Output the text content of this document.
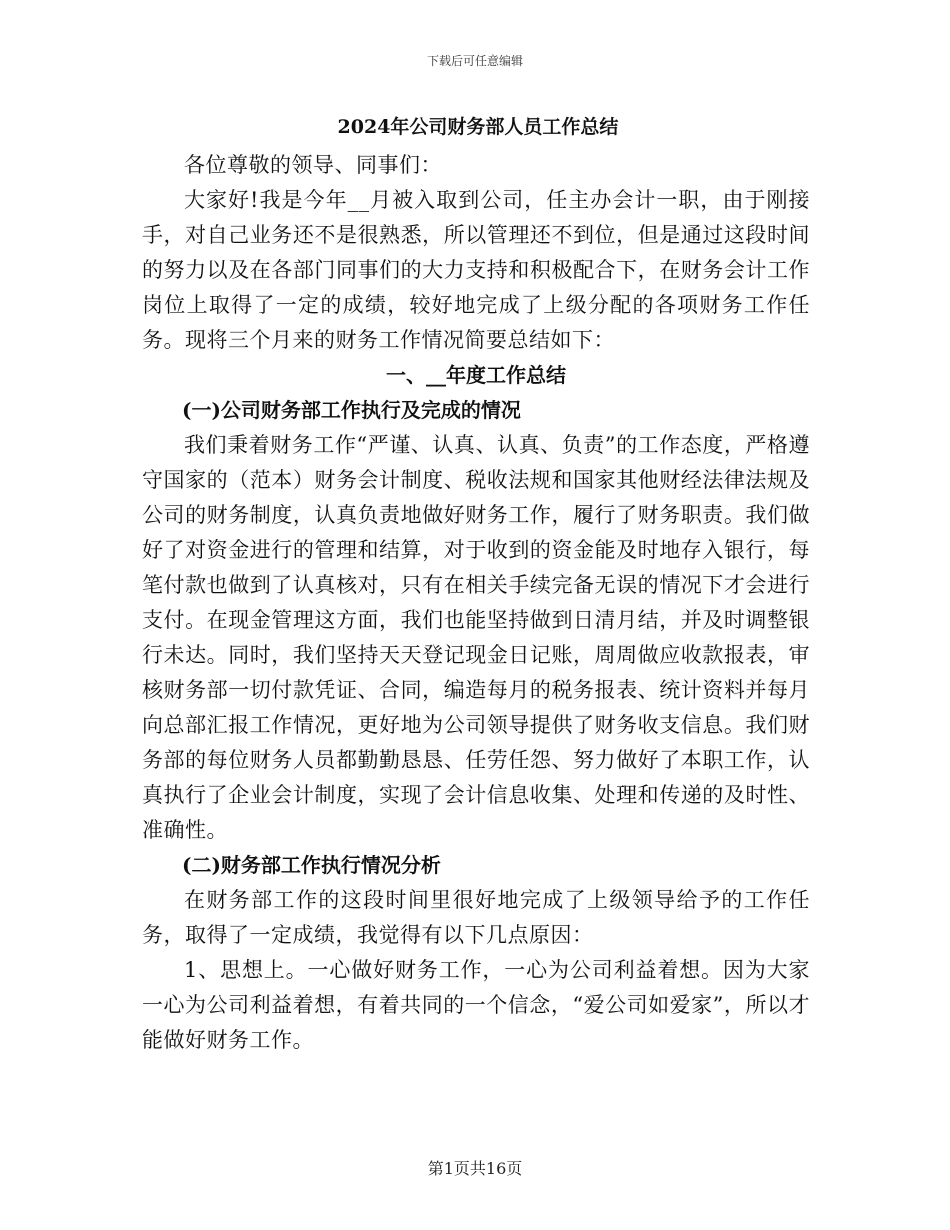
下载后可任意编辑
2024年公司财务部人员工作总结

各位尊敬的领导、同事们：

大家好!我是今年__月被入取到公司，任主办会计一职，由于刚接手，对自己业务还不是很熟悉，所以管理还不到位，但是通过这段时间的努力以及在各部门同事们的大力支持和积极配合下，在财务会计工作岗位上取得了一定的成绩，较好地完成了上级分配的各项财务工作任务。现将三个月来的财务工作情况简要总结如下：

一、__年度工作总结
(一)公司财务部工作执行及完成的情况

我们秉着财务工作“严谨、认真、认真、负责”的工作态度，严格遵守国家的（范本）财务会计制度、税收法规和国家其他财经法律法规及公司的财务制度，认真负责地做好财务工作，履行了财务职责。我们做好了对资金进行的管理和结算，对于收到的资金能及时地存入银行，每笔付款也做到了认真核对，只有在相关手续完备无误的情况下才会进行支付。在现金管理这方面，我们也能坚持做到日清月结，并及时调整银行未达。同时，我们坚持天天登记现金日记账，周周做应收款报表，审核财务部一切付款凭证、合同，编造每月的税务报表、统计资料并每月向总部汇报工作情况，更好地为公司领导提供了财务收支信息。我们财务部的每位财务人员都勤勤恳恳、任劳任怨、努力做好了本职工作，认真执行了企业会计制度，实现了会计信息收集、处理和传递的及时性、准确性。

(二)财务部工作执行情况分析

在财务部工作的这段时间里很好地完成了上级领导给予的工作任务，取得了一定成绩，我觉得有以下几点原因：

1、思想上。一心做好财务工作，一心为公司利益着想。因为大家一心为公司利益着想，有着共同的一个信念，“爱公司如爱家”，所以才能做好财务工作。

第1页共16页
